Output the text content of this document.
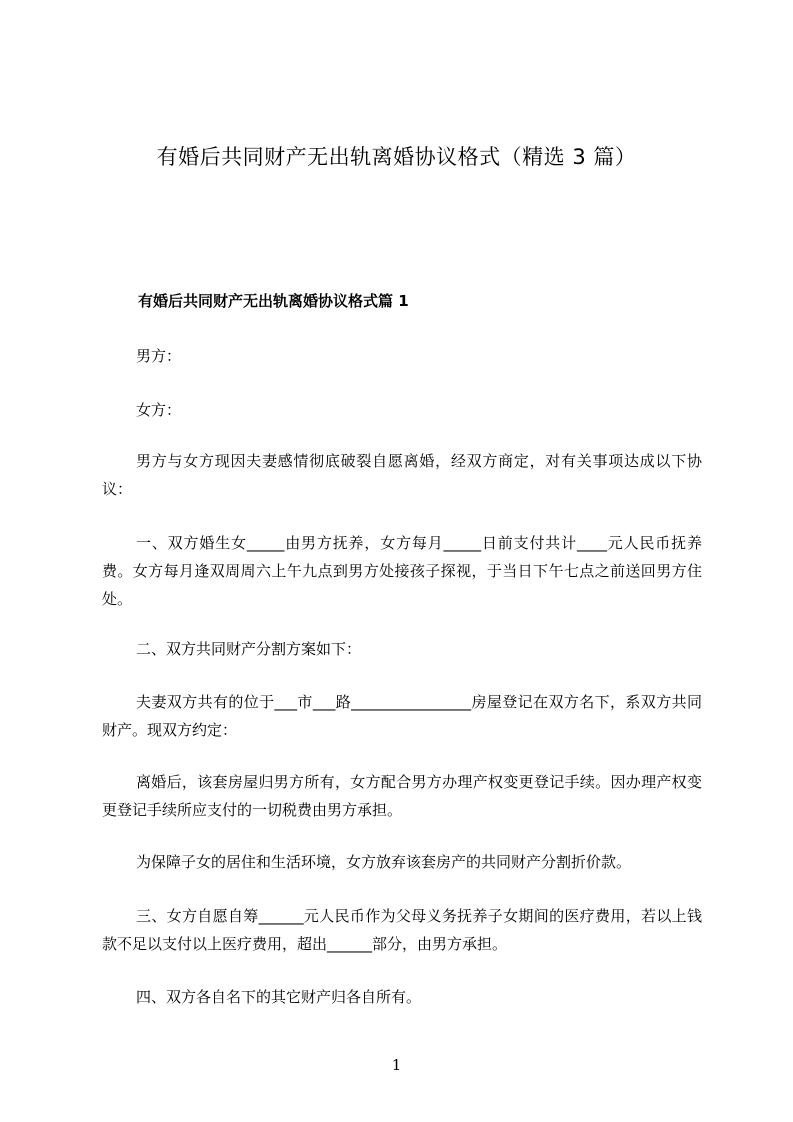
有婚后共同财产无出轨离婚协议格式（精选 3 篇）
有婚后共同财产无出轨离婚协议格式篇 1

男方：

女方：

男方与女方现因夫妻感情彻底破裂自愿离婚，经双方商定，对有关事项达成以下协议：

一、双方婚生女_____由男方抚养，女方每月_____日前支付共计____元人民币抚养费。女方每月逢双周周六上午九点到男方处接孩子探视，于当日下午七点之前送回男方住处。

二、双方共同财产分割方案如下：

夫妻双方共有的位于___市___路________________房屋登记在双方名下，系双方共同财产。现双方约定：

离婚后，该套房屋归男方所有，女方配合男方办理产权变更登记手续。因办理产权变更登记手续所应支付的一切税费由男方承担。

为保障子女的居住和生活环境，女方放弃该套房产的共同财产分割折价款。

三、女方自愿自筹______元人民币作为父母义务抚养子女期间的医疗费用，若以上钱款不足以支付以上医疗费用，超出______部分，由男方承担。

四、双方各自名下的其它财产归各自所有。

1
